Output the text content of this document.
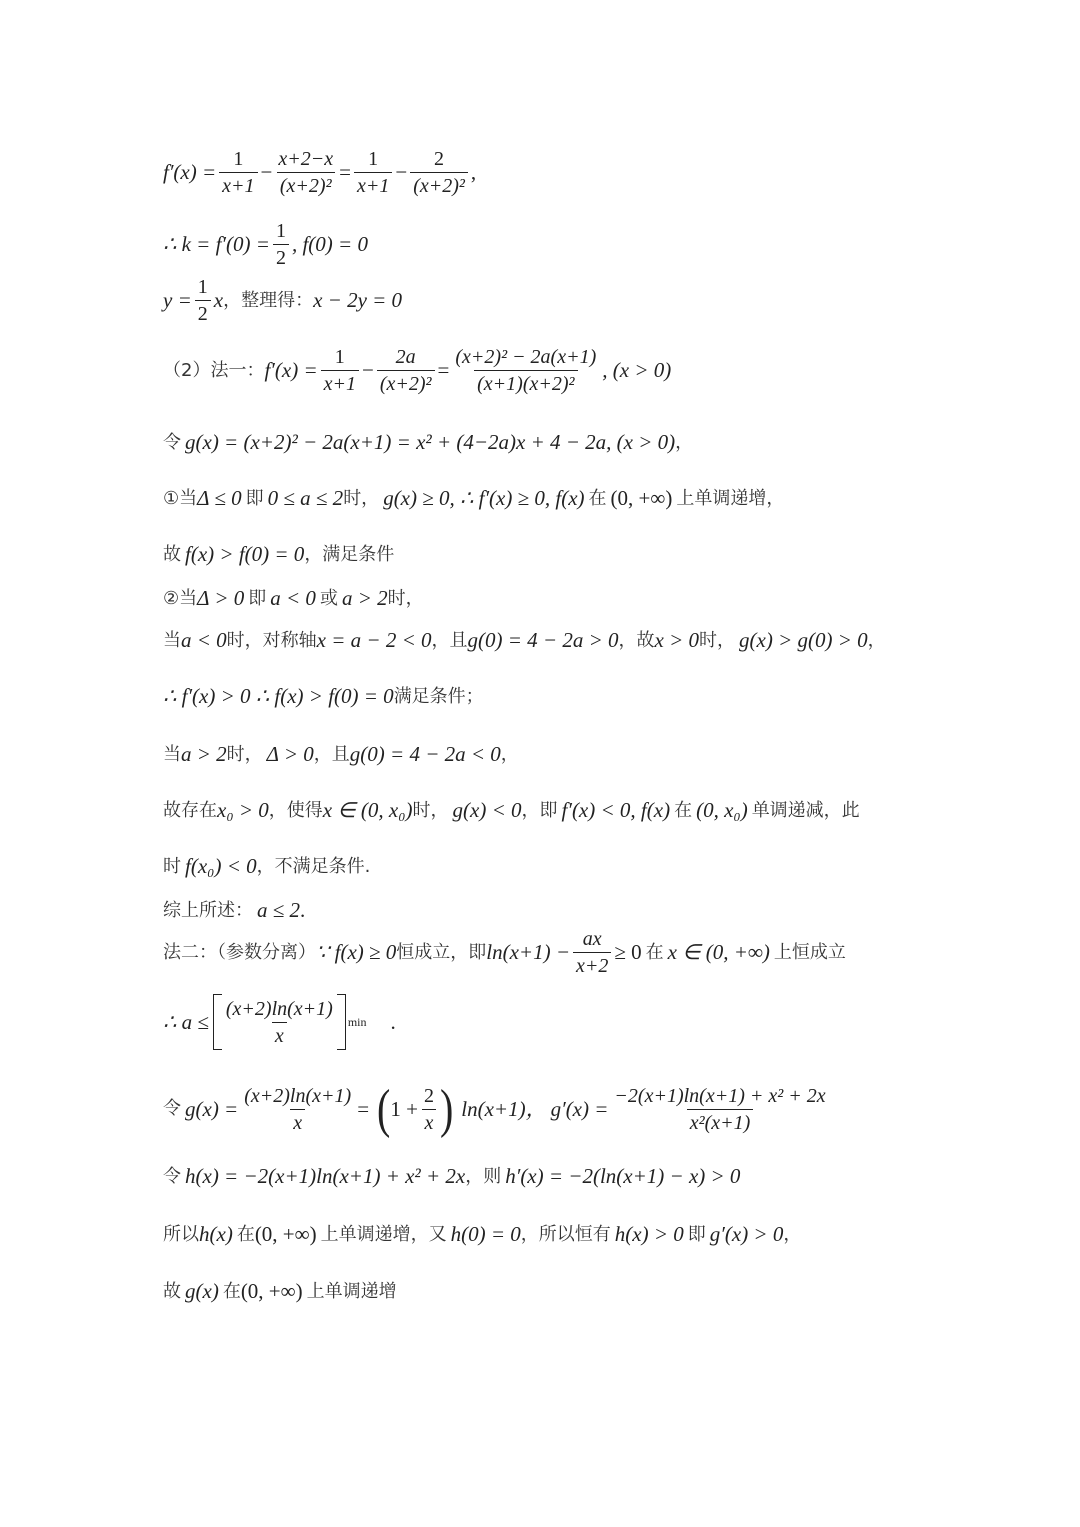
$f'(x) = \frac{1}{x+1} - \frac{x+2-x}{\text{(x+2)²}} = \frac{1}{x+1} - \frac{2}{\text{(x+2)²}}$ ,
∴ $k = f'(0) = \frac{1}{2}$ , f(0) = 0
$y = \frac{1}{2}$ x ，整理得： x − 2y = 0
（2）法一： $f'(x) = \frac{1}{x+1} - \frac{2a}{\text{(x+2)²}} = \frac{\text{(x+2)² − 2a(x+1)}}{\text{(x+1)(x+2)²}}$ , (x > 0)
令 g(x) = (x+2)² − 2a(x+1) = x² + (4−2a)x + 4 − 2a, (x > 0) ，
①当 Δ ≤ 0 即 0 ≤ a ≤ 2 时， g(x) ≥ 0, ∴ f′(x) ≥ 0, f(x) 在 (0, +∞) 上单调递增，
故 f(x) > f(0) = 0 ，满足条件
②当 Δ > 0 即 a < 0 或 a > 2 时，
当 a < 0 时，对称轴 x = a − 2 < 0 ，且 g(0) = 4 − 2a > 0 ，故 x > 0 时， g(x) > g(0) > 0 ，
∴ f′(x) > 0 ∴ f(x) > f(0) = 0 满足条件；
当 a > 2 时， Δ > 0 ，且 g(0) = 4 − 2a < 0 ，
故存在 x₀ > 0 ，使得 x ∈ (0, x₀) 时， g(x) < 0 ，即 f′(x) < 0, f(x) 在 (0, x₀) 单调递减，此
时 f(x₀) < 0 ，不满足条件.
综上所述： a ≤ 2 .
法二：（参数分离） ∵ f(x) ≥ 0 恒成立，即 $\ln(x+1) - \frac{ax}{x+2} \ge 0$ 在 x ∈ (0, +∞) 上恒成立
∴ $a \le \frac{(x+2)\ln(x+1)}{x}$ min .
令 $g(x) = \frac{(x+2)\ln(x+1)}{x}$ = ( $1 + \frac{2}{x}$ ) ln(x+1)， $g'(x) = \frac{\text{−2(x+1)ln(x+1) + x² + 2x}}{\text{x²(x+1)}}$
令 h(x) = −2(x+1)ln(x+1) + x² + 2x ，则 h′(x) = −2(ln(x+1) − x) > 0
所以 h(x) 在 (0, +∞) 上单调递增，又 h(0) = 0 ，所以恒有 h(x) > 0 即 g′(x) > 0 ，
故 g(x) 在 (0, +∞) 上单调递增
